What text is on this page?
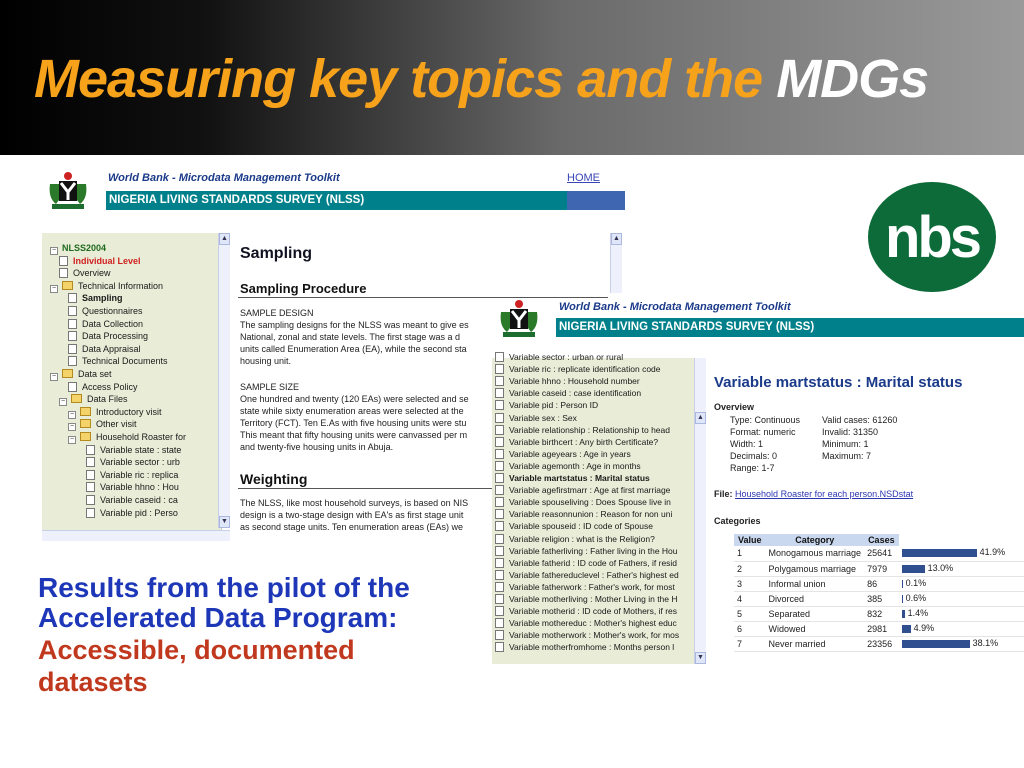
Measuring key topics and the MDGs
World Bank - Microdata Management Toolkit	HOME
NIGERIA LIVING STANDARDS SURVEY (NLSS)
− NLSS2004
Individual Level
Overview
− Technical Information
Sampling
Questionnaires
Data Collection
Data Processing
Data Appraisal
Technical Documents
− Data set
Access Policy
− Data Files
− Introductory visit
− Other visit
− Household Roaster for
Variable state : state
Variable sector : urb
Variable ric : replica
Variable hhno : Hou
Variable caseid : ca
Variable pid : Perso
▲
▼
Sampling
Sampling Procedure
SAMPLE DESIGN
The sampling designs for the NLSS was meant to give es
National, zonal and state levels. The first stage was a d
units called Enumeration Area (EA), while the second sta
housing unit.
SAMPLE SIZE
One hundred and twenty (120 EAs) were selected and se
state while sixty enumeration areas were selected at the
Territory (FCT). Ten E.As with five housing units were stu
This meant that fifty housing units were canvassed per m
and twenty-five housing units in Abuja.
Weighting
The NLSS, like most household surveys, is based on NIS
design is a two-stage design with EA's as first stage unit
as second stage units. Ten enumeration areas (EAs) we
▲
World Bank - Microdata Management Toolkit
NIGERIA LIVING STANDARDS SURVEY (NLSS)
Variable sector : urban or rural
Variable ric : replicate identification code
Variable hhno : Household number
Variable caseid : case identification
Variable pid : Person ID
Variable sex : Sex
Variable relationship : Relationship to head
Variable birthcert : Any birth Certificate?
Variable ageyears : Age in years
Variable agemonth : Age in months
Variable martstatus : Marital status
Variable agefirstmarr : Age at first marriage
Variable spouseliving : Does Spouse live in
Variable reasonnunion : Reason for non uni
Variable spouseid : ID code of Spouse
Variable religion : what is the Religion?
Variable fatherliving : Father living in the Hou
Variable fatherid : ID code of Fathers, if resid
Variable fathereduclevel : Father's highest ed
Variable fatherwork : Father's work, for most
Variable motherliving : Mother Living in the H
Variable motherid : ID code of Mothers, if res
Variable mothereduc : Mother's highest educ
Variable motherwork : Mother's work, for mos
Variable motherfromhome : Months person l
▲
▼
Variable martstatus : Marital status
Overview
Type: Continuous
Format: numeric
Width: 1
Decimals: 0
Range: 1-7
Valid cases: 61260
Invalid: 31350
Minimum: 1
Maximum: 7
File: Household Roaster for each person.NSDstat
Categories
Value	Category	Cases	
1	Monogamous marriage	25641	41.9%

2	Polygamous marriage	7979	13.0%

3	Informal union	86	0.1%

4	Divorced	385	0.6%

5	Separated	832	1.4%

6	Widowed	2981	4.9%

7	Never married	23356	38.1%
nbs
Results from the pilot of the
Accelerated Data Program:
Accessible, documented
datasets
